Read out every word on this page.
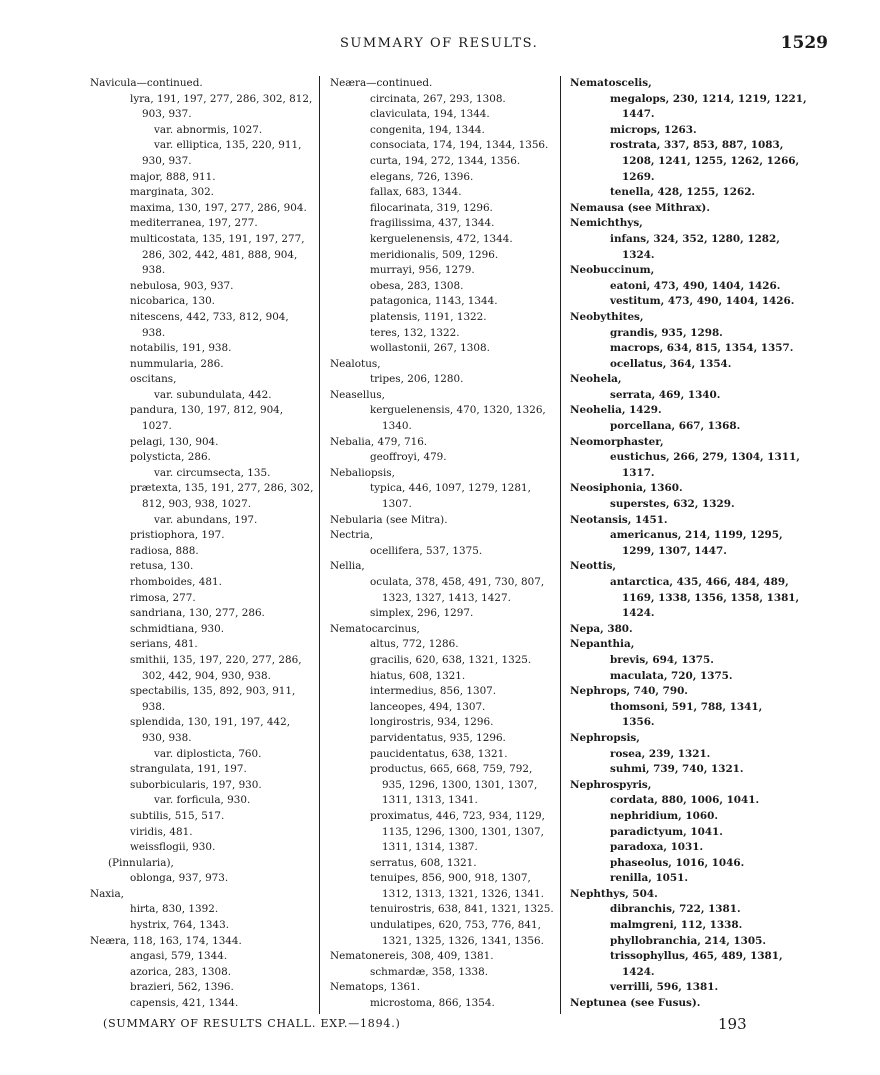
SUMMARY OF RESULTS.	1529
Navicula—continued.
lyra, 191, 197, 277, 286, 302, 812,
903, 937.
var. abnormis, 1027.
var. elliptica, 135, 220, 911,
930, 937.
major, 888, 911.
marginata, 302.
maxima, 130, 197, 277, 286, 904.
mediterranea, 197, 277.
multicostata, 135, 191, 197, 277,
286, 302, 442, 481, 888, 904,
938.
nebulosa, 903, 937.
nicobarica, 130.
nitescens, 442, 733, 812, 904,
938.
notabilis, 191, 938.
nummularia, 286.
oscitans,
var. subundulata, 442.
pandura, 130, 197, 812, 904,
1027.
pelagi, 130, 904.
polysticta, 286.
var. circumsecta, 135.
prætexta, 135, 191, 277, 286, 302,
812, 903, 938, 1027.
var. abundans, 197.
pristiophora, 197.
radiosa, 888.
retusa, 130.
rhomboides, 481.
rimosa, 277.
sandriana, 130, 277, 286.
schmidtiana, 930.
serians, 481.
smithii, 135, 197, 220, 277, 286,
302, 442, 904, 930, 938.
spectabilis, 135, 892, 903, 911,
938.
splendida, 130, 191, 197, 442,
930, 938.
var. diplosticta, 760.
strangulata, 191, 197.
suborbicularis, 197, 930.
var. forficula, 930.
subtilis, 515, 517.
viridis, 481.
weissflogii, 930.
(Pinnularia),
oblonga, 937, 973.
Naxia,
hirta, 830, 1392.
hystrix, 764, 1343.
Neæra, 118, 163, 174, 1344.
angasi, 579, 1344.
azorica, 283, 1308.
brazieri, 562, 1396.
capensis, 421, 1344.
Neæra—continued.
circinata, 267, 293, 1308.
claviculata, 194, 1344.
congenita, 194, 1344.
consociata, 174, 194, 1344, 1356.
curta, 194, 272, 1344, 1356.
elegans, 726, 1396.
fallax, 683, 1344.
filocarinata, 319, 1296.
fragilissima, 437, 1344.
kerguelenensis, 472, 1344.
meridionalis, 509, 1296.
murrayi, 956, 1279.
obesa, 283, 1308.
patagonica, 1143, 1344.
platensis, 1191, 1322.
teres, 132, 1322.
wollastonii, 267, 1308.
Nealotus,
tripes, 206, 1280.
Neasellus,
kerguelenensis, 470, 1320, 1326,
1340.
Nebalia, 479, 716.
geoffroyi, 479.
Nebaliopsis,
typica, 446, 1097, 1279, 1281,
1307.
Nebularia (see Mitra).
Nectria,
ocellifera, 537, 1375.
Nellia,
oculata, 378, 458, 491, 730, 807,
1323, 1327, 1413, 1427.
simplex, 296, 1297.
Nematocarcinus,
altus, 772, 1286.
gracilis, 620, 638, 1321, 1325.
hiatus, 608, 1321.
intermedius, 856, 1307.
lanceopes, 494, 1307.
longirostris, 934, 1296.
parvidentatus, 935, 1296.
paucidentatus, 638, 1321.
productus, 665, 668, 759, 792,
935, 1296, 1300, 1301, 1307,
1311, 1313, 1341.
proximatus, 446, 723, 934, 1129,
1135, 1296, 1300, 1301, 1307,
1311, 1314, 1387.
serratus, 608, 1321.
tenuipes, 856, 900, 918, 1307,
1312, 1313, 1321, 1326, 1341.
tenuirostris, 638, 841, 1321, 1325.
undulatipes, 620, 753, 776, 841,
1321, 1325, 1326, 1341, 1356.
Nematonereis, 308, 409, 1381.
schmardæ, 358, 1338.
Nematops, 1361.
microstoma, 866, 1354.
Nematoscelis,
megalops, 230, 1214, 1219, 1221,
1447.
microps, 1263.
rostrata, 337, 853, 887, 1083,
1208, 1241, 1255, 1262, 1266,
1269.
tenella, 428, 1255, 1262.
Nemausa (see Mithrax).
Nemichthys,
infans, 324, 352, 1280, 1282,
1324.
Neobuccinum,
eatoni, 473, 490, 1404, 1426.
vestitum, 473, 490, 1404, 1426.
Neobythites,
grandis, 935, 1298.
macrops, 634, 815, 1354, 1357.
ocellatus, 364, 1354.
Neohela,
serrata, 469, 1340.
Neohelia, 1429.
porcellana, 667, 1368.
Neomorphaster,
eustichus, 266, 279, 1304, 1311,
1317.
Neosiphonia, 1360.
superstes, 632, 1329.
Neotansis, 1451.
americanus, 214, 1199, 1295,
1299, 1307, 1447.
Neottis,
antarctica, 435, 466, 484, 489,
1169, 1338, 1356, 1358, 1381,
1424.
Nepa, 380.
Nepanthia,
brevis, 694, 1375.
maculata, 720, 1375.
Nephrops, 740, 790.
thomsoni, 591, 788, 1341,
1356.
Nephropsis,
rosea, 239, 1321.
suhmi, 739, 740, 1321.
Nephrospyris,
cordata, 880, 1006, 1041.
nephridium, 1060.
paradictyum, 1041.
paradoxa, 1031.
phaseolus, 1016, 1046.
renilla, 1051.
Nephthys, 504.
dibranchis, 722, 1381.
malmgreni, 112, 1338.
phyllobranchia, 214, 1305.
trissophyllus, 465, 489, 1381,
1424.
verrilli, 596, 1381.
Neptunea (see Fusus).
(SUMMARY OF RESULTS CHALL. EXP.—1894.)	193
